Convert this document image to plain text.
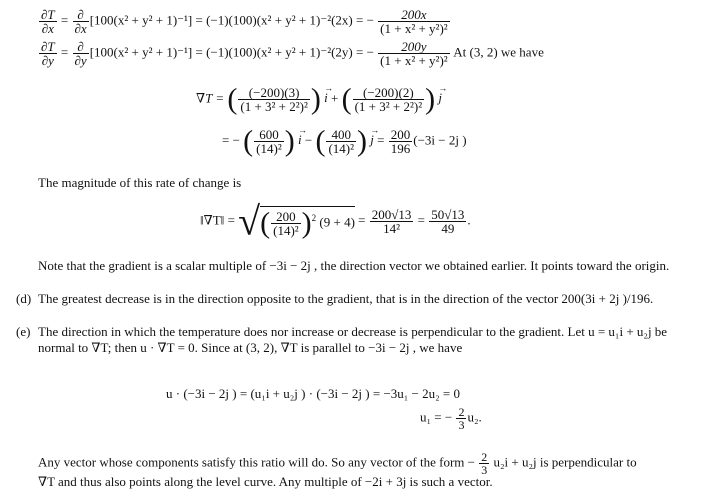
$\frac{\partial T}{\partial x} = \frac{\partial}{\partial x} [100(x^2 + y^2 + 1)^{-1}] = (-1)(100)(x^2 + y^2 + 1)^{-2}(2x)$ = − $\frac{200x}{\text{(1 + x² + y²)²}}$
$\frac{\partial T}{\partial y} = \frac{\partial}{\partial y} [100(x^2 + y^2 + 1)^{-1}] = (-1)(100)(x^2 + y^2 + 1)^{-2}(2y)$ = − $\frac{200y}{\text{(1 + x² + y²)²}}$ At (3, 2) we have
∇T = ( $\frac{(-200)(3)}{\text{(1 + 3² + 2²)²}}$ ) i → + ( $\frac{(-200)(2)}{\text{(1 + 3² + 2²)²}}$ ) j →
= − ( $\frac{600}{\text{(14)²}}$ ) i → − ( $\frac{400}{\text{(14)²}}$ ) j → = $\frac{200}{196} (-3i - 2j$ )
The magnitude of this rate of change is
‖∇T‖ = √( $\frac{200}{\text{(14)²}} )^2$ $(9 + 4) = \frac{200√13}{\text{14²}} = \frac{50√13}{49}$ .
Note that the gradient is a scalar multiple of −3i − 2j , the direction vector we obtained earlier. It points toward the origin.
(d) The greatest decrease is in the direction opposite to the gradient, that is in the direction of the vector 200(3i + 2j )/196.
(e) The direction in which the temperature does nor increase or decrease is perpendicular to the gradient. Let u = u₁i + u₂j be normal to ∇T; then u · ∇T = 0. Since at (3, 2), ∇T is parallel to −3i − 2j , we have
u · (−3i − 2j ) = (u₁i + u₂j ) · (−3i − 2j ) = −3u₁ − 2u₂ = 0
u₁ = − $\frac{2}{3} u_2$.
Any vector whose components satisfy this ratio will do. So any vector of the form − $\frac{2}{3} u_2i + u_2j$ is perpendicular to
∇T and thus also points along the level curve. Any multiple of −2i + 3j is such a vector.
